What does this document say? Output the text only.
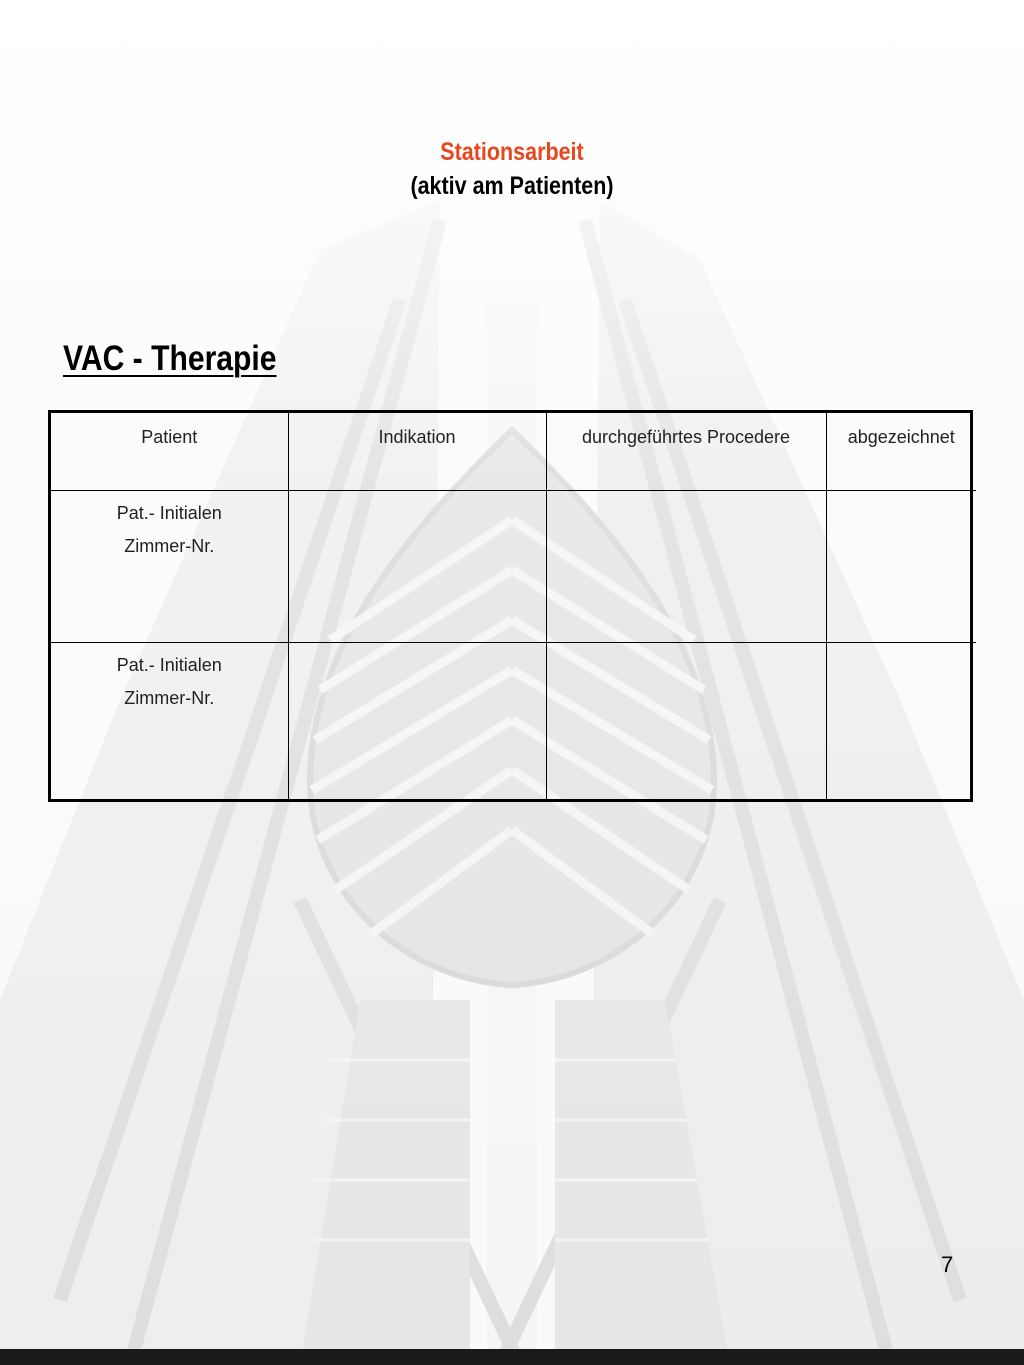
Stationsarbeit
(aktiv am Patienten)
VAC - Therapie
Patient	Indikation	durchgeführtes Procedere	abgezeichnet

Pat.- Initialen
Zimmer-Nr.			

Pat.- Initialen
Zimmer-Nr.			

7
